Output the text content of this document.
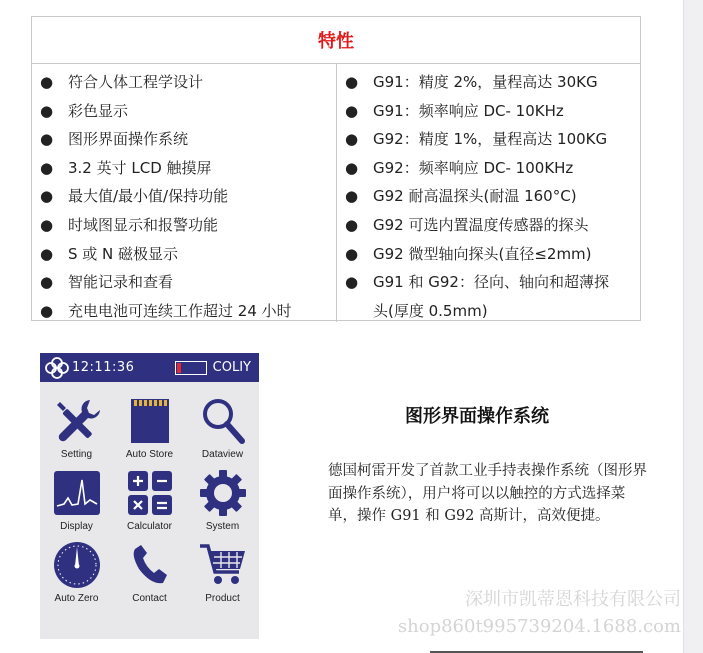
特性
● 符合人体工程学设计
● 彩色显示
● 图形界面操作系统
● 3.2 英寸 LCD 触摸屏
● 最大值/最小值/保持功能
● 时域图显示和报警功能
● S 或 N 磁极显示
● 智能记录和查看
● 充电电池可连续工作超过 24 小时
● G91：精度 2%，量程高达 30KG
● G91：频率响应 DC- 10KHz
● G92：精度 1%，量程高达 100KG
● G92：频率响应 DC- 100KHz
● G92 耐高温探头(耐温 160°C)
● G92 可选内置温度传感器的探头
● G92 微型轴向探头(直径≤2mm)
● G91 和 G92：径向、轴向和超薄探
头(厚度 0.5mm)
12:11:36	COLIY
Setting	Auto Store	Dataview
Display	Calculator	System
Auto Zero	Contact	Product
图形界面操作系统
德国柯雷开发了首款工业手持表操作系统（图形界面操作系统），用户将可以以触控的方式选择菜单，操作 G91 和 G92 高斯计，高效便捷。
深圳市凯蒂恩科技有限公司
shop860t995739204.1688.com
